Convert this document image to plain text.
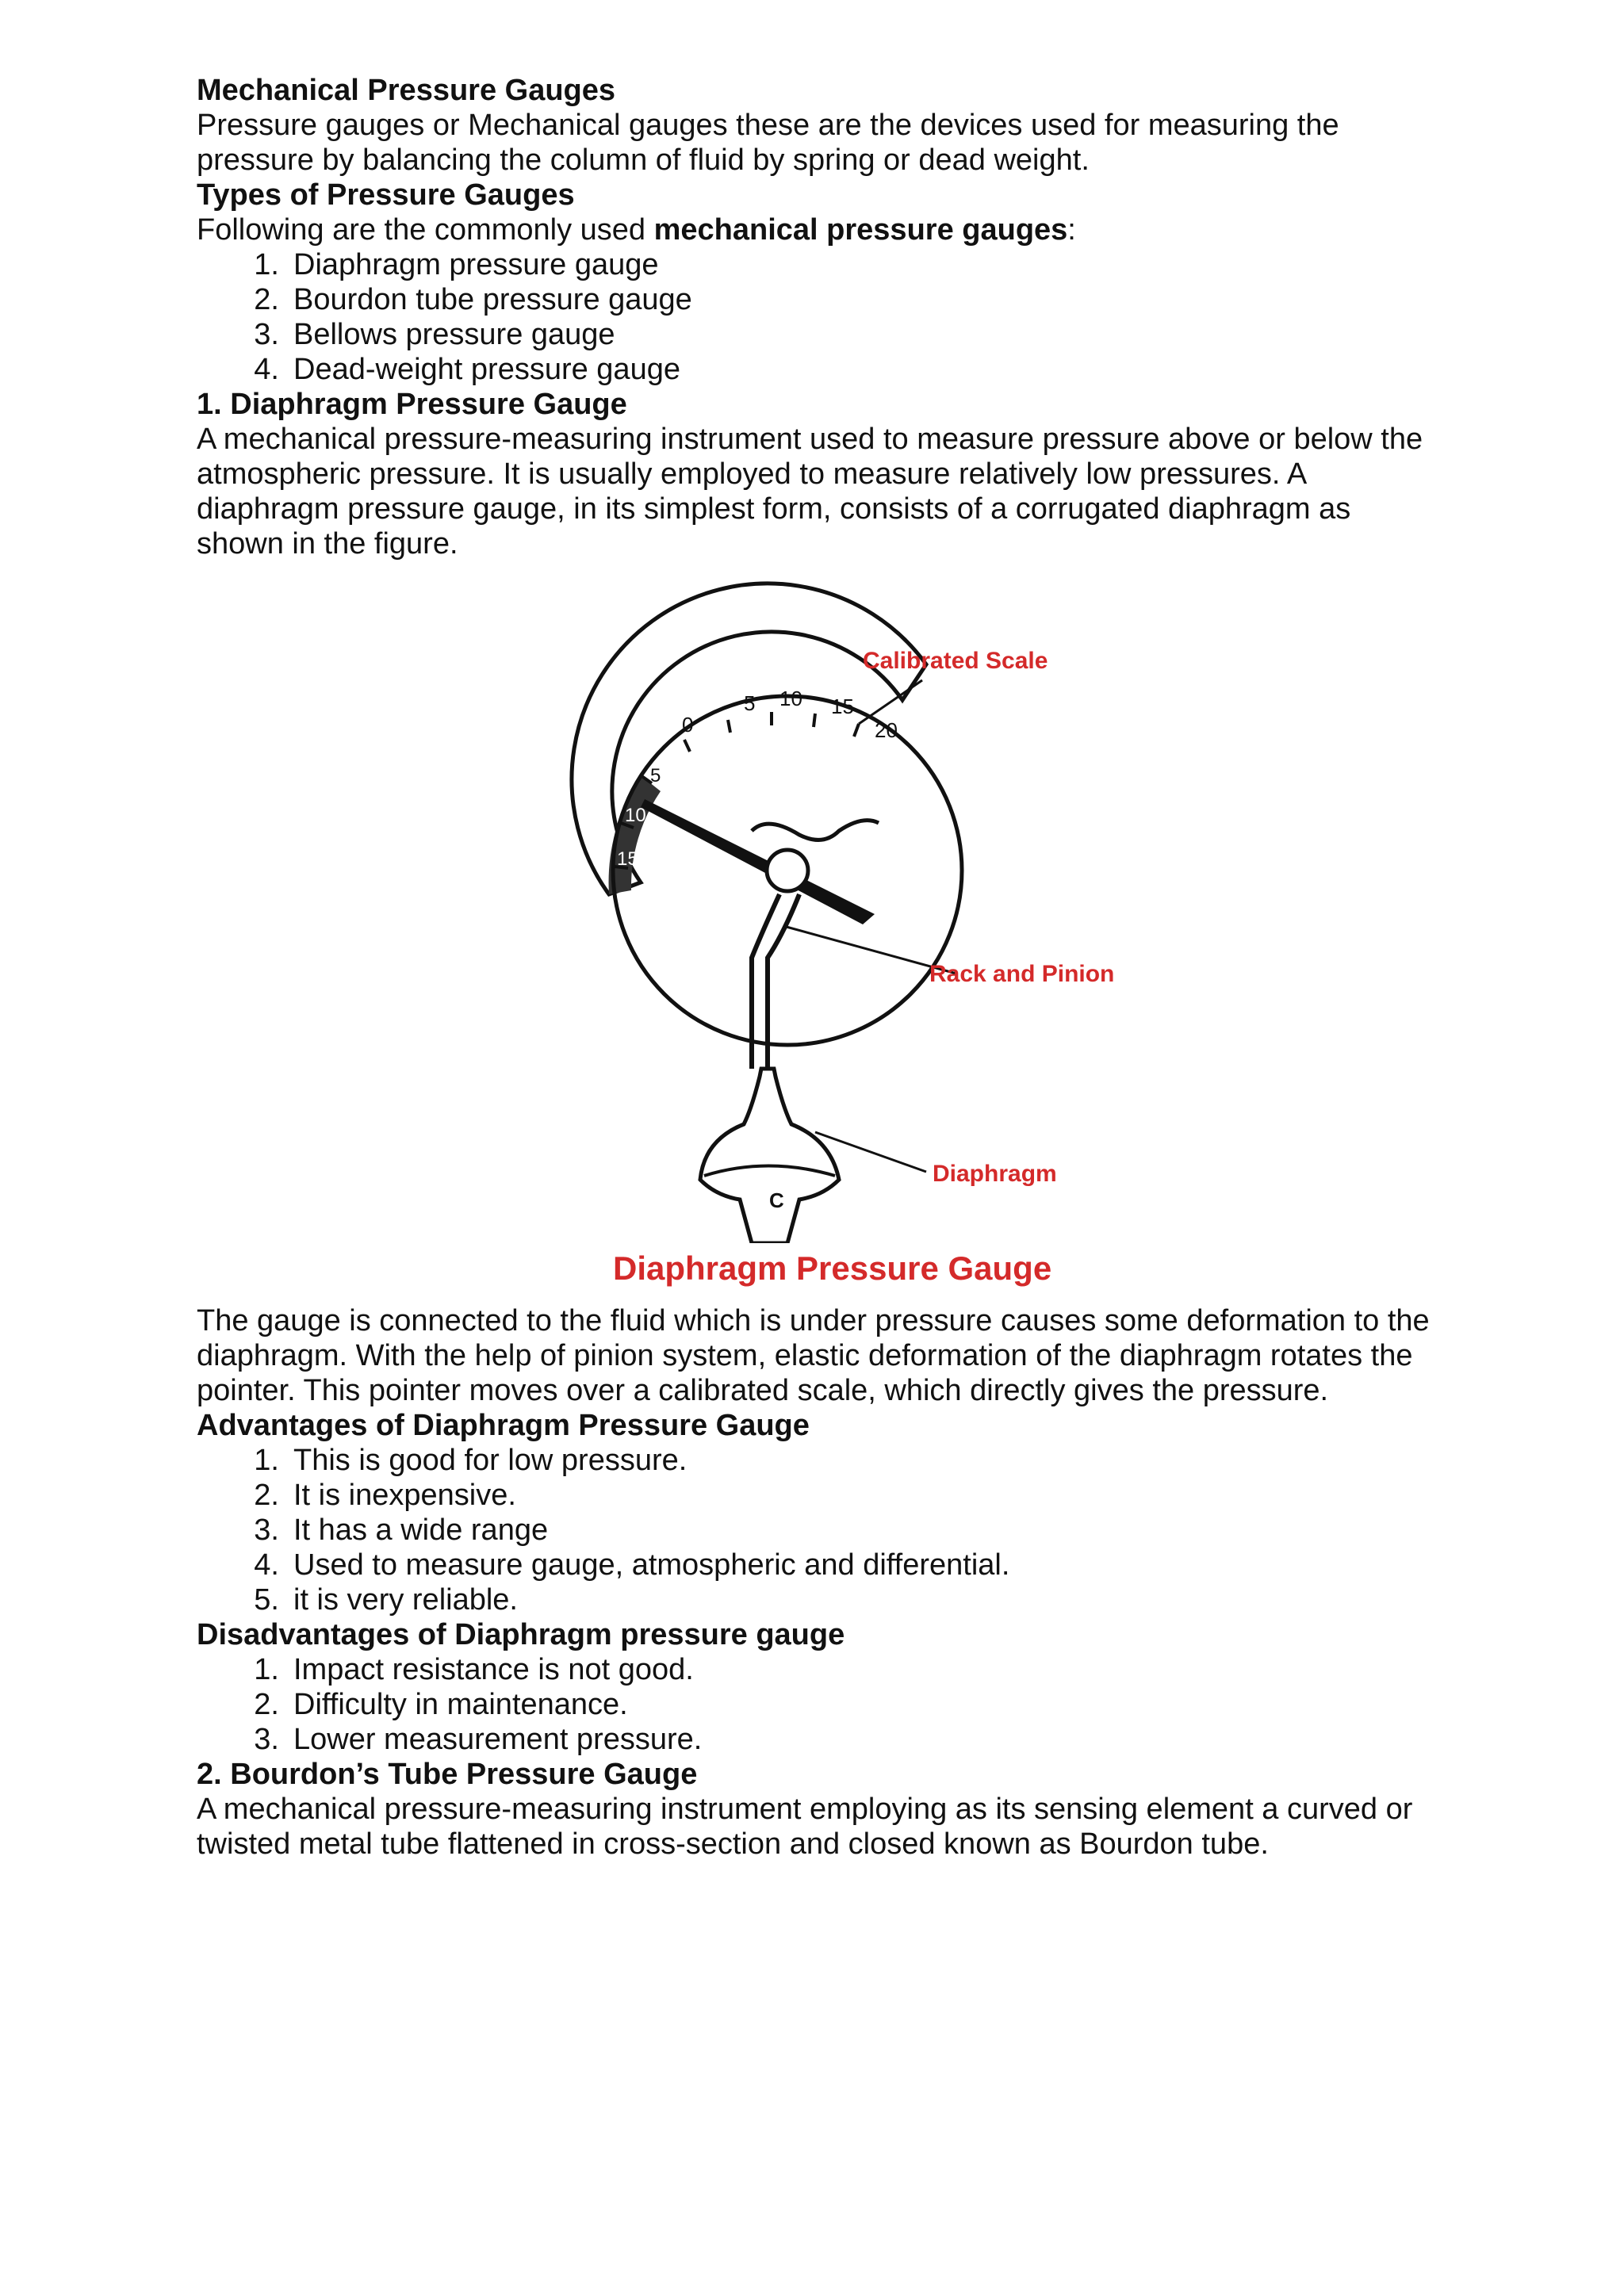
Mechanical Pressure Gauges

Pressure gauges or Mechanical gauges these are the devices used for measuring the pressure by balancing the column of fluid by spring or dead weight.

Types of Pressure Gauges

Following are the commonly used mechanical pressure gauges:

1. Diaphragm pressure gauge
2. Bourdon tube pressure gauge
3. Bellows pressure gauge
4. Dead-weight pressure gauge

1. Diaphragm Pressure Gauge

A mechanical pressure-measuring instrument used to measure pressure above or below the atmospheric pressure. It is usually employed to measure relatively low pressures. A diaphragm pressure gauge, in its simplest form, consists of a corrugated diaphragm as shown in the figure.

0
5 10 15
20
5
10
15
20
C
Calibrated Scale
Rack and Pinion
Diaphragm
Diaphragm Pressure Gauge

The gauge is connected to the fluid which is under pressure causes some deformation to the diaphragm. With the help of pinion system, elastic deformation of the diaphragm rotates the pointer. This pointer moves over a calibrated scale, which directly gives the pressure.

Advantages of Diaphragm Pressure Gauge

1. This is good for low pressure.
2. It is inexpensive.
3. It has a wide range
4. Used to measure gauge, atmospheric and differential.
5. it is very reliable.

Disadvantages of Diaphragm pressure gauge

1. Impact resistance is not good.
2. Difficulty in maintenance.
3. Lower measurement pressure.

2. Bourdon’s Tube Pressure Gauge

A mechanical pressure-measuring instrument employing as its sensing element a curved or twisted metal tube flattened in cross-section and closed known as Bourdon tube.
